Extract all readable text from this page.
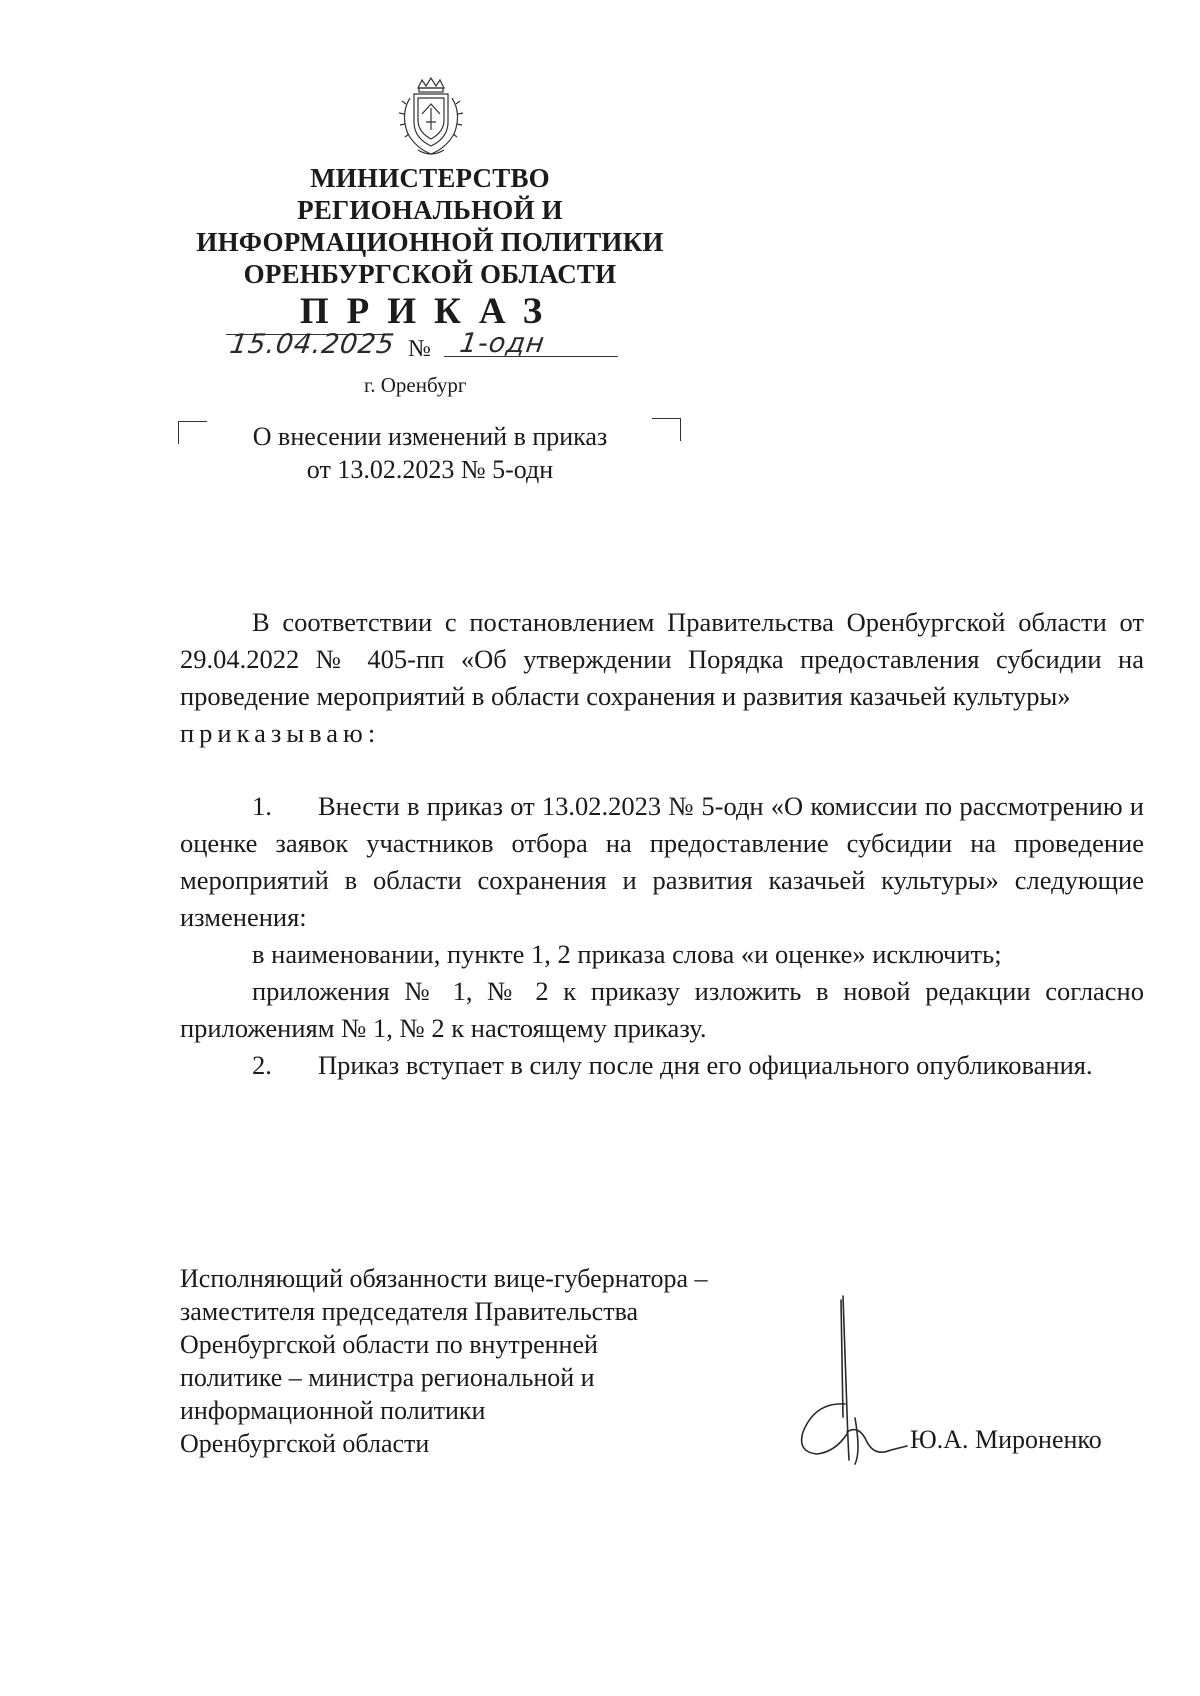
МИНИСТЕРСТВО
РЕГИОНАЛЬНОЙ И
ИНФОРМАЦИОННОЙ ПОЛИТИКИ
ОРЕНБУРГСКОЙ ОБЛАСТИ
ПРИКАЗ
15.04.2025 № 1-одн
г. Оренбург
О внесении изменений в приказ
от 13.02.2023 № 5-одн

В соответствии с постановлением Правительства Оренбургской области от 29.04.2022 № 405-пп «Об утверждении Порядка предоставления субсидии на проведение мероприятий в области сохранения и развития казачьей культуры»

приказываю:

1. Внести в приказ от 13.02.2023 № 5-одн «О комиссии по рассмотрению и оценке заявок участников отбора на предоставление субсидии на проведение мероприятий в области сохранения и развития казачьей культуры» следующие изменения:

в наименовании, пункте 1, 2 приказа слова «и оценке» исключить;

приложения № 1, № 2 к приказу изложить в новой редакции согласно приложениям № 1, № 2 к настоящему приказу.

2. Приказ вступает в силу после дня его официального опубликования.

Исполняющий обязанности вице-губернатора –
заместителя председателя Правительства
Оренбургской области по внутренней
политике – министра региональной и
информационной политики
Оренбургской области	Ю.А. Мироненко
